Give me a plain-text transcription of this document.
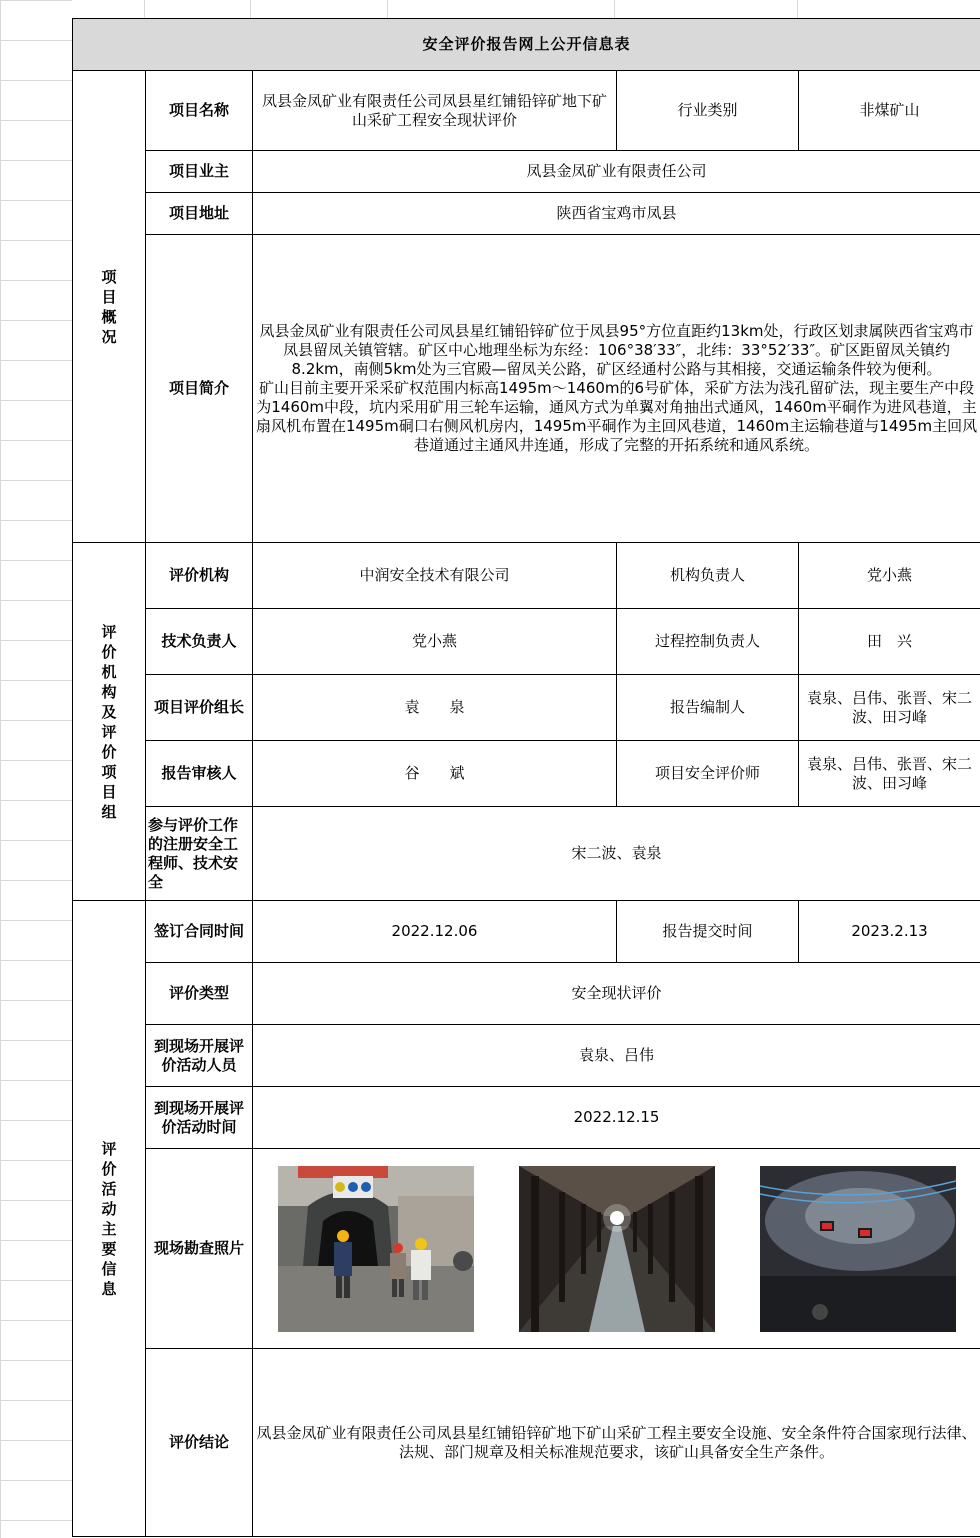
安全评价报告网上公开信息表				

项目概况	项目名称	凤县金凤矿业有限责任公司凤县星红铺铅锌矿地下矿山采矿工程安全现状评价	行业类别	非煤矿山
	项目业主	凤县金凤矿业有限责任公司		
	项目地址	陕西省宝鸡市凤县		
	项目简介	凤县金凤矿业有限责任公司凤县星红铺铅锌矿位于凤县95°方位直距约13km处，行政区划隶属陕西省宝鸡市凤县留凤关镇管辖。矿区中心地理坐标为东经：106°38′33″，北纬：33°52′33″。矿区距留凤关镇约8.2km，南侧5km处为三官殿—留凤关公路，矿区经通村公路与其相接，交通运输条件较为便利。
矿山目前主要开采采矿权范围内标高1495m～1460m的6号矿体，采矿方法为浅孔留矿法，现主要生产中段为1460m中段，坑内采用矿用三轮车运输，通风方式为单翼对角抽出式通风，1460m平硐作为进风巷道，主扇风机布置在1495m硐口右侧风机房内，1495m平硐作为主回风巷道，1460m主运输巷道与1495m主回风巷道通过主通风井连通，形成了完整的开拓系统和通风系统。		

评价机构及评价项目组	评价机构	中润安全技术有限公司	机构负责人	党小燕
	技术负责人	党小燕	过程控制负责人	田　兴
	项目评价组长	袁　　泉	报告编制人	袁泉、吕伟、张晋、宋二波、田习峰
	报告审核人	谷　　斌	项目安全评价师	袁泉、吕伟、张晋、宋二波、田习峰
	参与评价工作的注册安全工程师、技术安全	宋二波、袁泉		

评价活动主要信息	签订合同时间	2022.12.06	报告提交时间	2023.2.13
	评价类型	安全现状评价		
	到现场开展评价活动人员	袁泉、吕伟		
	到现场开展评价活动时间	2022.12.15		
	现场勘查照片	

	评价结论	凤县金凤矿业有限责任公司凤县星红铺铅锌矿地下矿山采矿工程主要安全设施、安全条件符合国家现行法律、法规、部门规章及相关标准规范要求，该矿山具备安全生产条件。		
